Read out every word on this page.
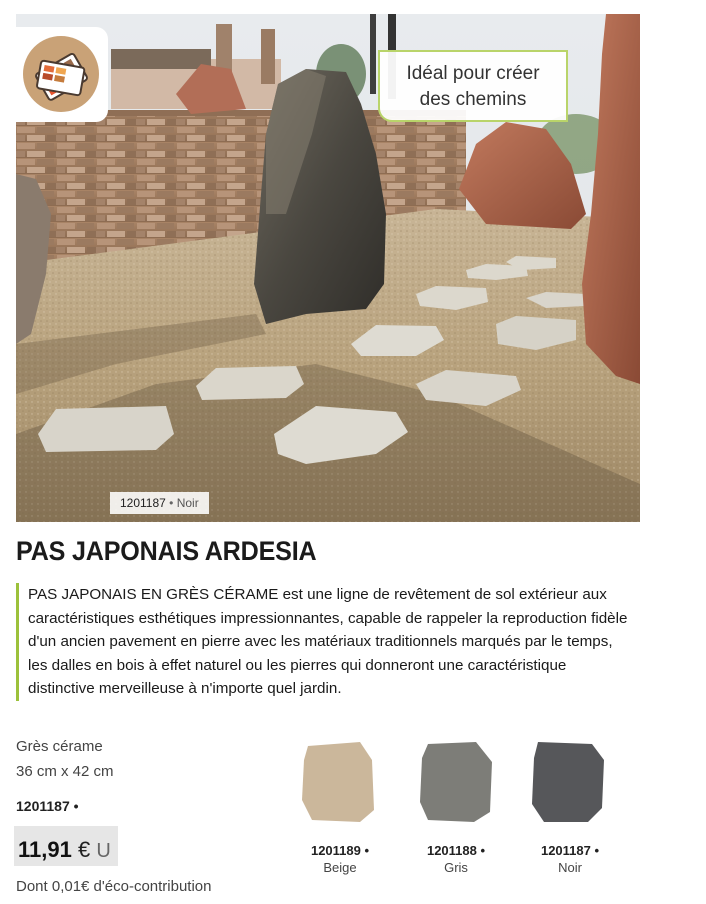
Idéal pour créer
des chemins
1201187 • Noir
PAS JAPONAIS ARDESIA
PAS JAPONAIS EN GRÈS CÉRAME est une ligne de revêtement de sol extérieur aux caractéristiques esthétiques impressionnantes, capable de rappeler la reproduction fidèle d'un ancien pavement en pierre avec les matériaux traditionnels marqués par le temps, les dalles en bois à effet naturel ou les pierres qui donneront une caractéristique distinctive merveilleuse à n'importe quel jardin.
Grès cérame
36 cm x 42 cm
1201187 •
11,91 € U
Dont 0,01€ d'éco-contribution
1201189 •
Beige
1201188 •
Gris
1201187 •
Noir
